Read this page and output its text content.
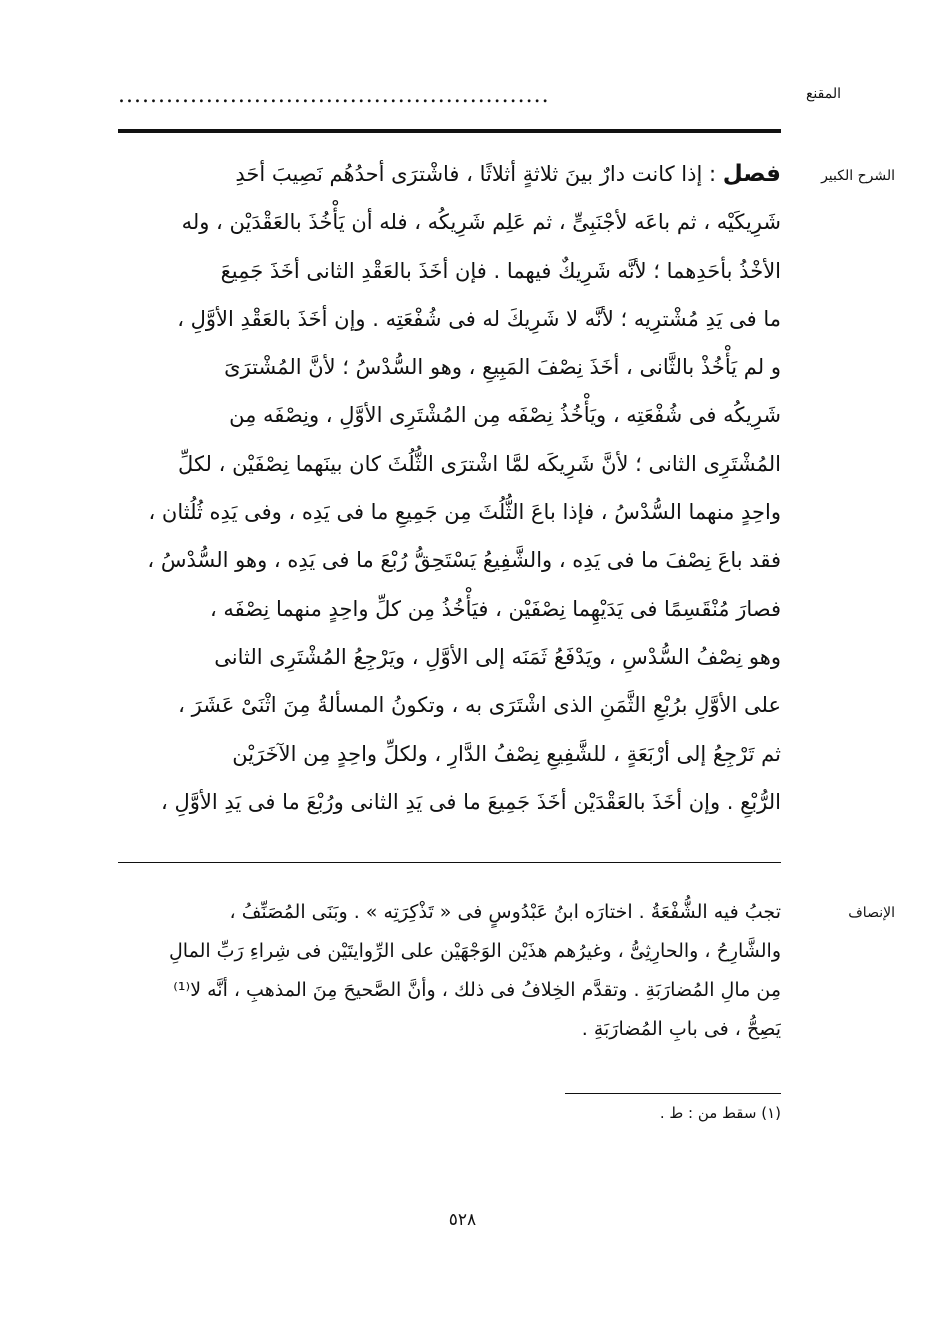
المقنع
......................................................
الشرح الكبير
فصل : إذا كانت دارٌ بينَ ثلاثةٍ أثلاثًا ، فاشْترَى أحدُهُم نَصِيبَ أحَدِ
شَرِيكَيْه ، ثم باعَه لأجْنَبِىٍّ ، ثم عَلِم شَرِيكُه ، فله أن يَأْخُذَ بالعَقْدَيْن ، وله
الأخْذُ بأحَدِهما ؛ لأنَّه شَرِيكٌ فيهما . فإن أخَذَ بالعَقْدِ الثانى أخَذَ جَمِيعَ
ما فى يَدِ مُشْترِيه ؛ لأنَّه لا شَرِيكَ له فى شُفْعَتِه . وإن أخَذَ بالعَقْدِ الأوَّلِ ،
و لم يَأْخُذْ بالثَّانى ، أخَذَ نِصْفَ المَبِيعِ ، وهو السُّدْسُ ؛ لأنَّ المُشْترَىَ
شَرِيكُه فى شُفْعَتِه ، ويَأْخُذُ نِصْفَه مِن المُشْتَرِى الأوَّلِ ، ونِصْفَه مِن
المُشْتَرِى الثانى ؛ لأنَّ شَرِيكَه لمَّا اشْترَى الثُّلُثَ كان بينَهما نِصْفَيْن ، لكلِّ
واحِدٍ منهما السُّدْسُ ، فإذا باعَ الثُّلُثَ مِن جَمِيعِ ما فى يَدِه ، وفى يَدِه ثُلُثان ،
فقد باعَ نِصْفَ ما فى يَدِه ، والشَّفِيعُ يَسْتَحِقُّ رُبْعَ ما فى يَدِه ، وهو السُّدْسُ ،
فصارَ مُنْقَسِمًا فى يَدَيْهِما نِصْفَيْن ، فيَأْخُذُ مِن كلِّ واحِدٍ منهما نِصْفَه ،
وهو نِصْفُ السُّدْسِ ، ويَدْفَعُ ثَمَنَه إلى الأوَّلِ ، ويَرْجِعُ المُشْتَرِى الثانى
على الأوَّلِ برُبْعِ الثَّمَنِ الذى اشْتَرَى به ، وتكونُ المسألةُ مِنَ اثْنَىْ عَشَرَ ،
ثم تَرْجِعُ إلى أرْبَعَةٍ ، للشَّفِيعِ نِصْفُ الدَّارِ ، ولكلِّ واحِدٍ مِن الآخَرَيْن
الرُّبْعِ . وإن أخَذَ بالعَقْدَيْن أخَذَ جَمِيعَ ما فى يَدِ الثانى ورُبْعَ ما فى يَدِ الأوَّلِ ،
الإنصاف
تجبُ فيه الشُّفْعَةُ . اختارَه ابنُ عَبْدُوسٍ فى « تَذْكِرَتِه » . وبَنَى المُصَنِّفُ ،
والشَّارِحُ ، والحارِثِىُّ ، وغيرُهم هذَيْن الوَجْهَيْن على الرِّوايتَيْن فى شِراءِ رَبِّ المالِ
مِن مالِ المُضارَبَةِ . وتقدَّم الخِلافُ فى ذلك ، وأنَّ الصَّحيحَ مِنَ المذهبِ ، أنَّه لا⁽¹⁾
يَصِحُّ ، فى بابِ المُضارَبَةِ .
(١) سقط من : ط .
٥٢٨
